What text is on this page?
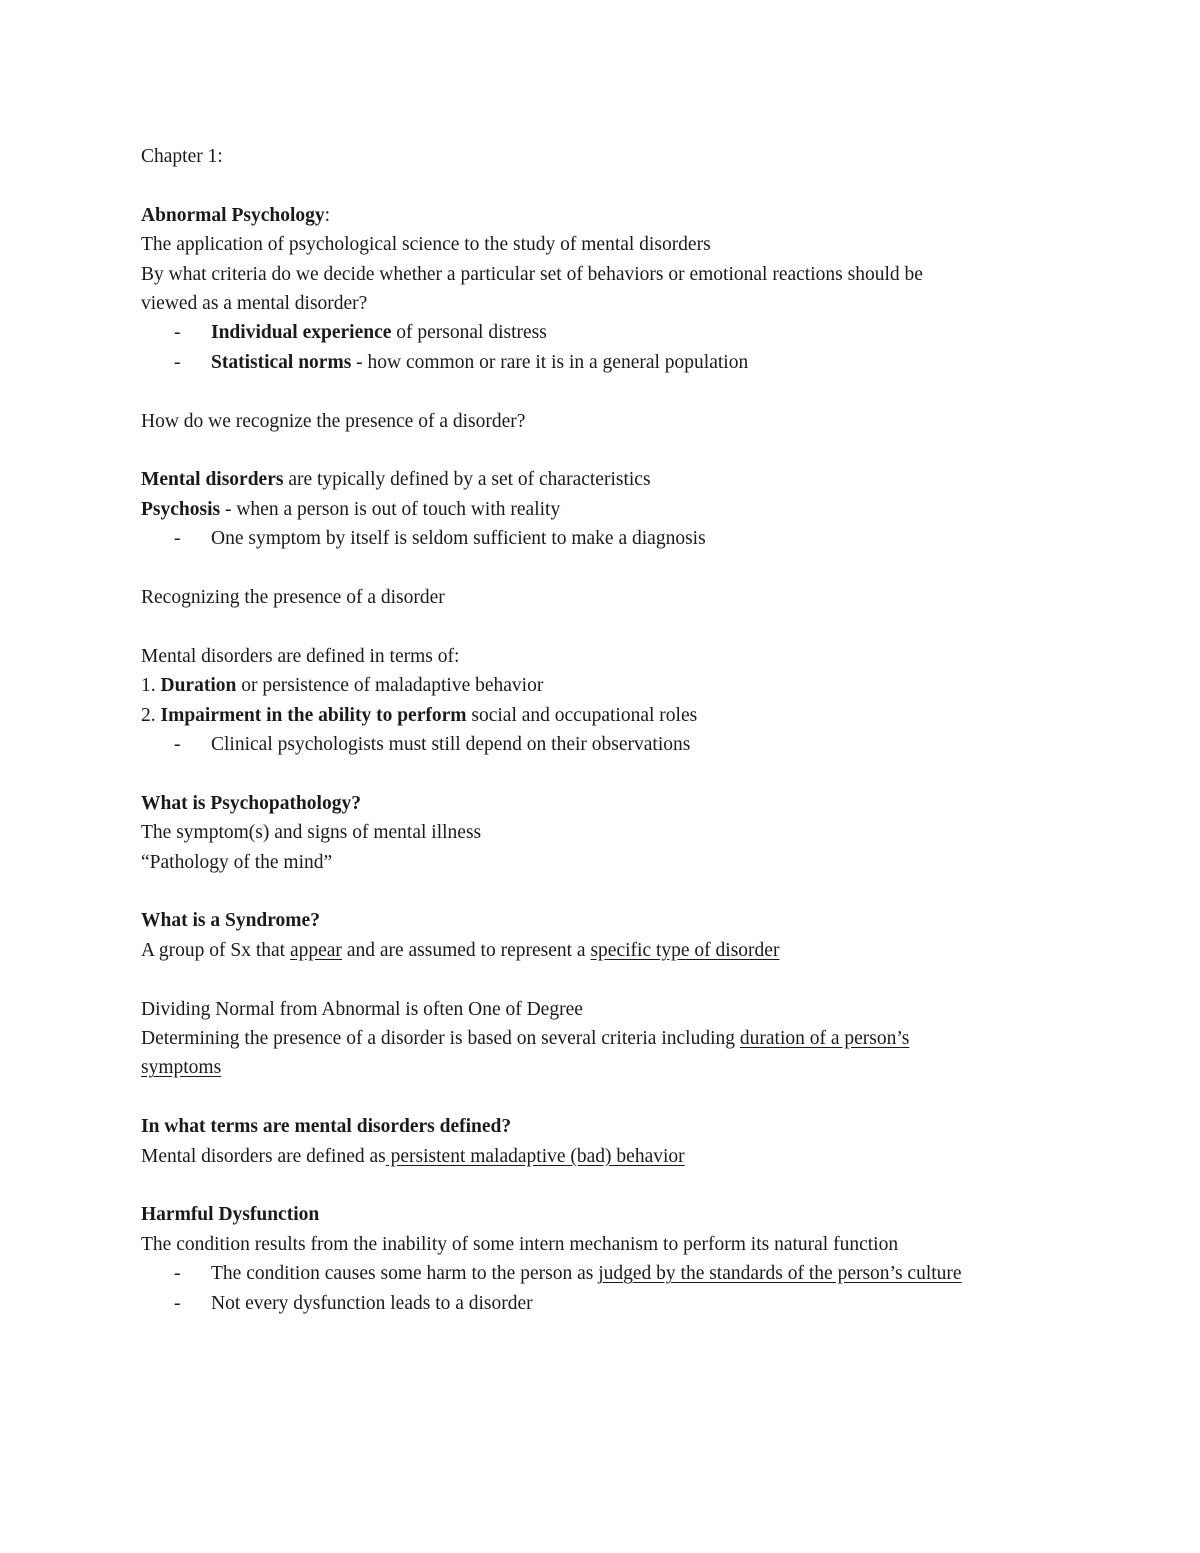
Chapter 1:
Abnormal Psychology:
The application of psychological science to the study of mental disorders
By what criteria do we decide whether a particular set of behaviors or emotional reactions should be
viewed as a mental disorder?
- Individual experience of personal distress
- Statistical norms - how common or rare it is in a general population
How do we recognize the presence of a disorder?
Mental disorders are typically defined by a set of characteristics
Psychosis - when a person is out of touch with reality
- One symptom by itself is seldom sufficient to make a diagnosis
Recognizing the presence of a disorder
Mental disorders are defined in terms of:
1. Duration or persistence of maladaptive behavior
2. Impairment in the ability to perform social and occupational roles
- Clinical psychologists must still depend on their observations
What is Psychopathology?
The symptom(s) and signs of mental illness
“Pathology of the mind”
What is a Syndrome?
A group of Sx that appear and are assumed to represent a specific type of disorder
Dividing Normal from Abnormal is often One of Degree
Determining the presence of a disorder is based on several criteria including duration of a person’s
symptoms
In what terms are mental disorders defined?
Mental disorders are defined as persistent maladaptive (bad) behavior
Harmful Dysfunction
The condition results from the inability of some intern mechanism to perform its natural function
- The condition causes some harm to the person as judged by the standards of the person’s culture
- Not every dysfunction leads to a disorder
